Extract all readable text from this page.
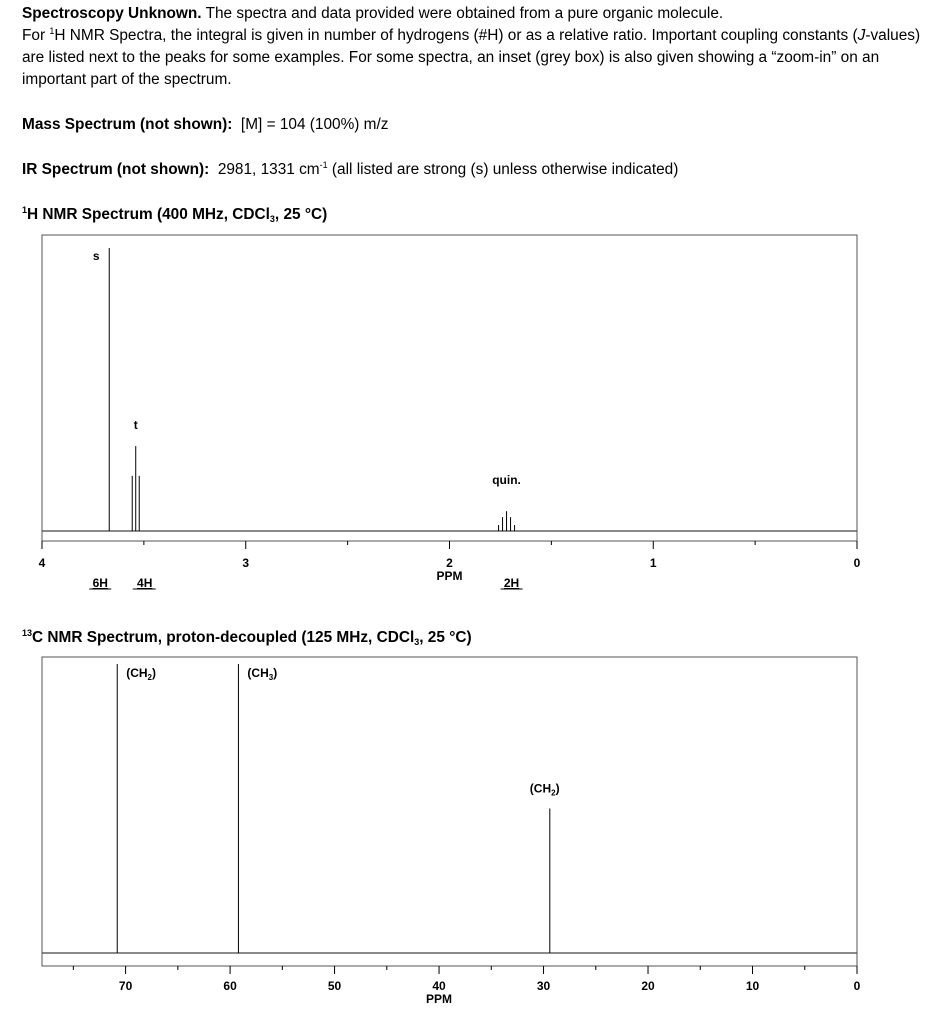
Spectroscopy Unknown. The spectra and data provided were obtained from a pure organic molecule.
For $^1$H NMR Spectra, the integral is given in number of hydrogens (#H) or as a relative ratio. Important coupling constants (J-values) are listed next to the peaks for some examples. For some spectra, an inset (grey box) is also given showing a “zoom-in” on an important part of the spectrum.
Mass Spectrum (not shown): [M] = 104 (100%) m/z
IR Spectrum (not shown): 2981, 1331 $cm^{-1}$ (all listed are strong (s) unless otherwise indicated)
$^1$H NMR Spectrum (400 MHz, CDCl$_3$, 25 °C)
4	3	2	1	0
PPM
s
6H
t
4H
quin.
2H
$^{13}$C NMR Spectrum, proton-decoupled (125 MHz, CDCl$_3$, 25 °C)
70	60	50	40	30	20	10	0
PPM
$(CH_2)$	$(CH_3)$
$(CH_2)$
